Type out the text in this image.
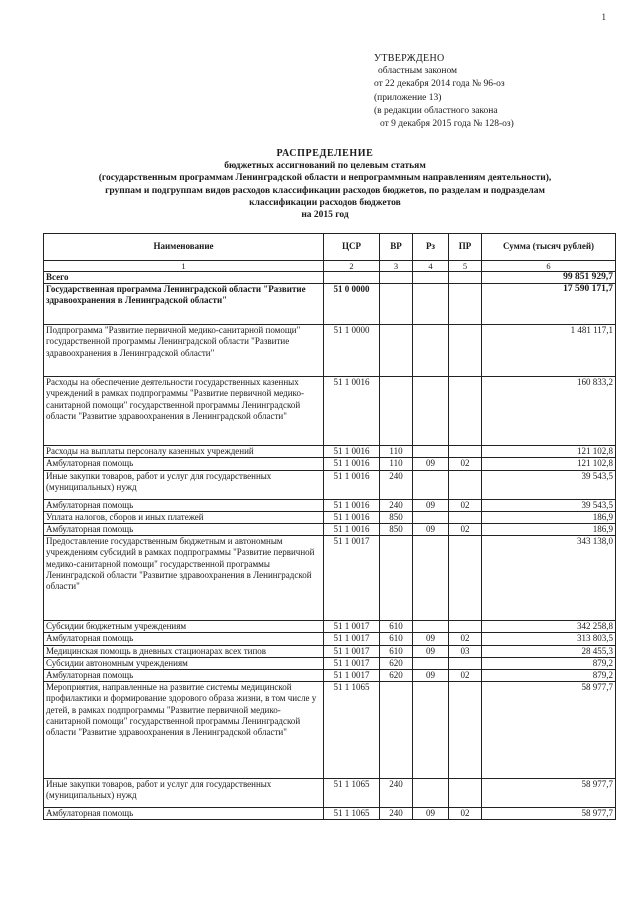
1
УТВЕРЖДЕНО
областным законом
от 22 декабря 2014 года № 96-оз
(приложение 13)
(в редакции областного закона
от 9 декабря 2015 года № 128-оз)
РАСПРЕДЕЛЕНИЕ
бюджетных ассигнований по целевым статьям
(государственным программам Ленинградской области и непрограммным направлениям деятельности),
группам и подгруппам видов расходов классификации расходов бюджетов, по разделам и подразделам
классификации расходов бюджетов
на 2015 год
Наименование	ЦСР	ВР	Рз	ПР	Сумма (тысяч рублей)
1	2	3	4	5	6
Всего					99 851 929,7
Государственная программа Ленинградской области "Развитие здравоохранения в Ленинградской области"	51 0 0000				17 590 171,7
Подпрограмма "Развитие первичной медико-санитарной помощи" государственной программы Ленинградской области "Развитие здравоохранения в Ленинградской области"	51 1 0000				1 481 117,1
Расходы на обеспечение деятельности государственных казенных учреждений в рамках подпрограммы "Развитие первичной медико-санитарной помощи" государственной программы Ленинградской области "Развитие здравоохранения в Ленинградской области"	51 1 0016				160 833,2
Расходы на выплаты персоналу казенных учреждений	51 1 0016	110			121 102,8
Амбулаторная помощь	51 1 0016	110	09	02	121 102,8
Иные закупки товаров, работ и услуг для государственных (муниципальных) нужд	51 1 0016	240			39 543,5
Амбулаторная помощь	51 1 0016	240	09	02	39 543,5
Уплата налогов, сборов и иных платежей	51 1 0016	850			186,9
Амбулаторная помощь	51 1 0016	850	09	02	186,9
Предоставление государственным бюджетным и автономным учреждениям субсидий в рамках подпрограммы "Развитие первичной медико-санитарной помощи" государственной программы Ленинградской области "Развитие здравоохранения в Ленинградской области"	51 1 0017				343 138,0
Субсидии бюджетным учреждениям	51 1 0017	610			342 258,8
Амбулаторная помощь	51 1 0017	610	09	02	313 803,5
Медицинская помощь в дневных стационарах всех типов	51 1 0017	610	09	03	28 455,3
Субсидии автономным учреждениям	51 1 0017	620			879,2
Амбулаторная помощь	51 1 0017	620	09	02	879,2
Мероприятия, направленные на развитие системы медицинской профилактики и формирование здорового образа жизни, в том числе у детей, в рамках подпрограммы "Развитие первичной медико-санитарной помощи" государственной программы Ленинградской области "Развитие здравоохранения в Ленинградской области"	51 1 1065				58 977,7
Иные закупки товаров, работ и услуг для государственных (муниципальных) нужд	51 1 1065	240			58 977,7
Амбулаторная помощь	51 1 1065	240	09	02	58 977,7
